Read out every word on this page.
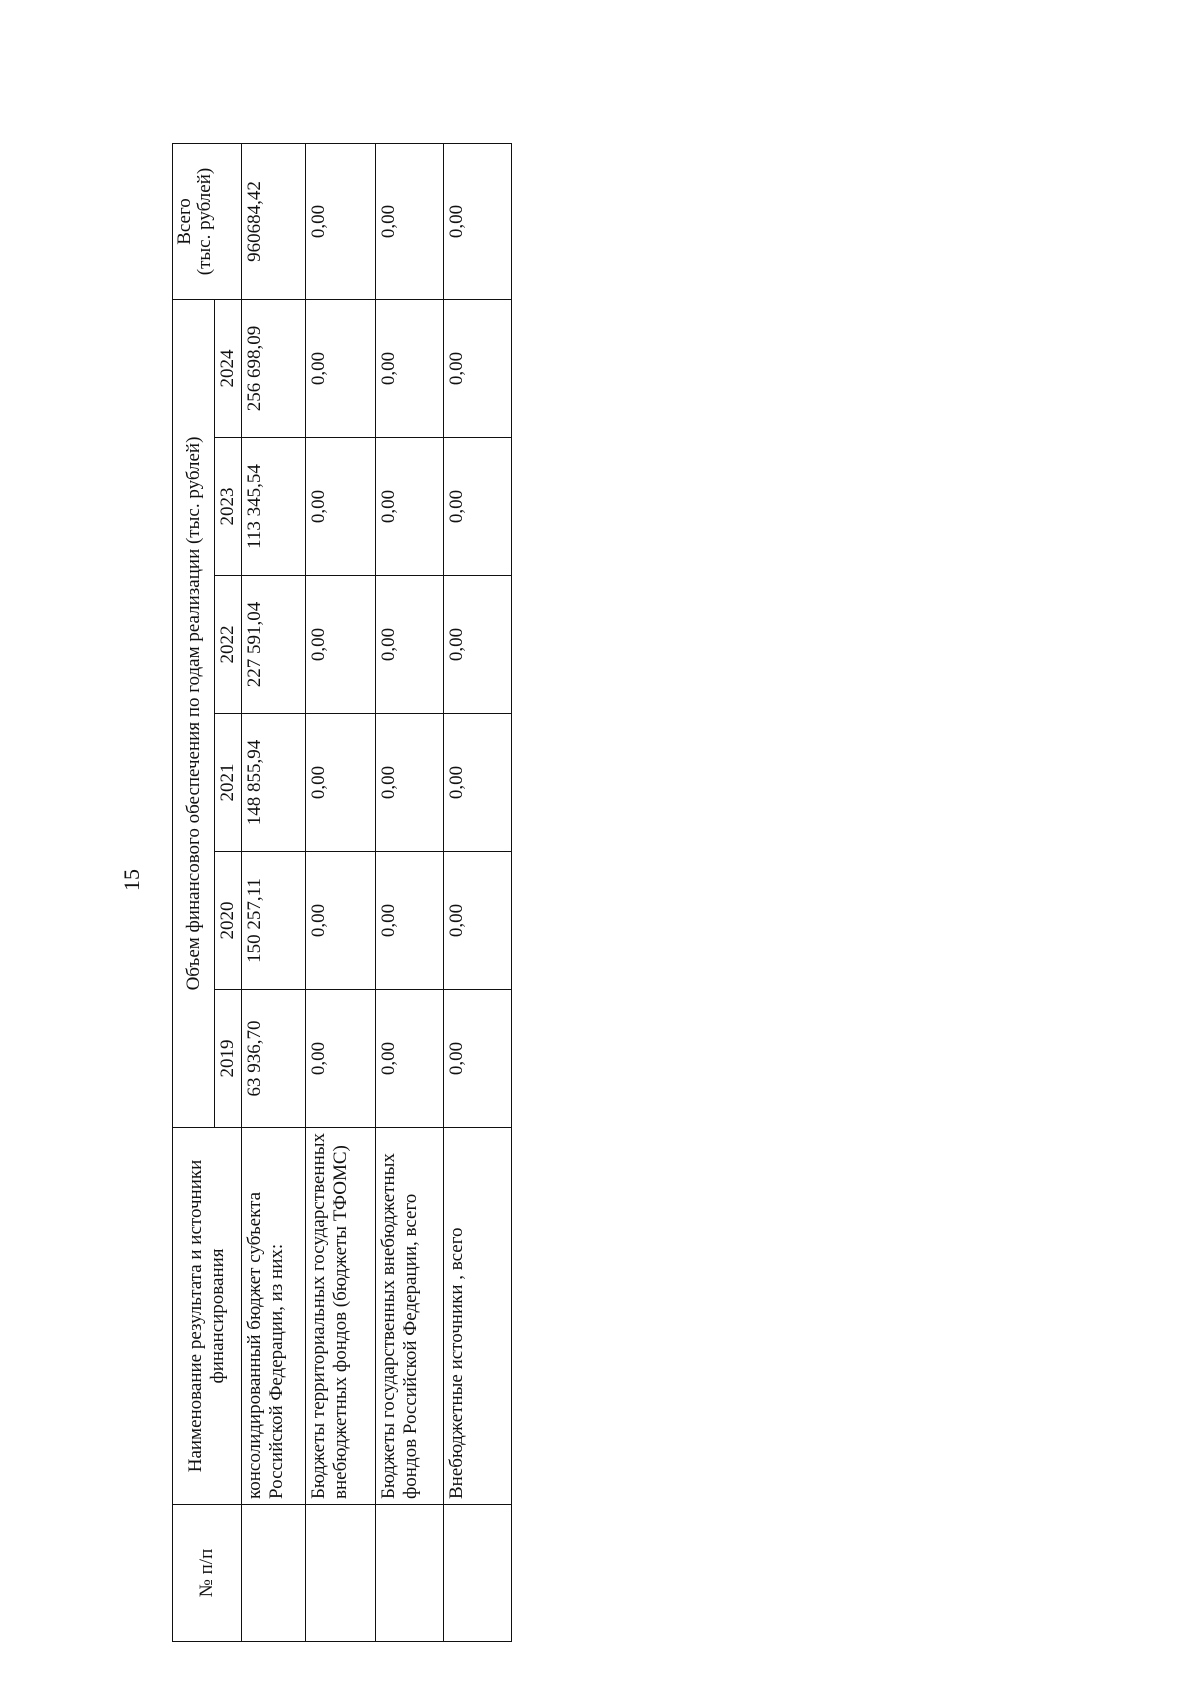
15
№ п/п	Наименование результата и источники финансирования	Объем финансового обеспечения по годам реализации (тыс. рублей)						Всего (тыс. рублей)

		2019	2020	2021	2022	2023	2024	
	консолидированный бюджет субъекта Российской Федерации, из них:	63 936,70	150 257,11	148 855,94	227 591,04	113 345,54	256 698,09	960684,42
	Бюджеты территориальных государственных внебюджетных фондов (бюджеты ТФОМС)	0,00	0,00	0,00	0,00	0,00	0,00	0,00
	Бюджеты государственных внебюджетных фондов Российской Федерации, всего	0,00	0,00	0,00	0,00	0,00	0,00	0,00
	Внебюджетные источники , всего	0,00	0,00	0,00	0,00	0,00	0,00	0,00
